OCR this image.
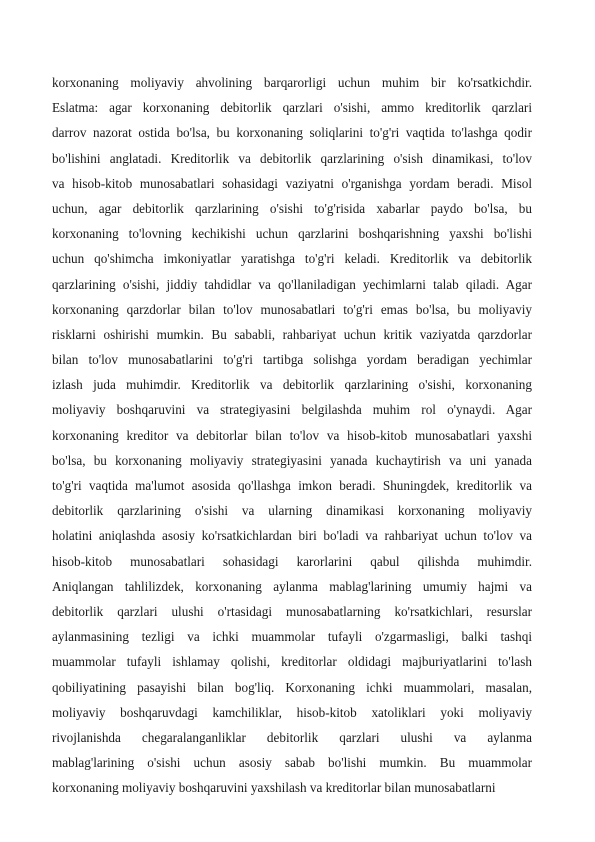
korxonaning moliyaviy ahvolining barqarorligi uchun muhim bir ko'rsatkichdir.
Eslatma: agar korxonaning debitorlik qarzlari o'sishi, ammo kreditorlik qarzlari
darrov nazorat ostida bo'lsa, bu korxonaning soliqlarini to'g'ri vaqtida to'lashga qodir
bo'lishini anglatadi. Kreditorlik va debitorlik qarzlarining o'sish dinamikasi, to'lov
va hisob-kitob munosabatlari sohasidagi vaziyatni o'rganishga yordam beradi. Misol
uchun, agar debitorlik qarzlarining o'sishi to'g'risida xabarlar paydo bo'lsa, bu
korxonaning to'lovning kechikishi uchun qarzlarini boshqarishning yaxshi bo'lishi
uchun qo'shimcha imkoniyatlar yaratishga to'g'ri keladi. Kreditorlik va debitorlik
qarzlarining o'sishi, jiddiy tahdidlar va qo'llaniladigan yechimlarni talab qiladi. Agar
korxonaning qarzdorlar bilan to'lov munosabatlari to'g'ri emas bo'lsa, bu moliyaviy
risklarni oshirishi mumkin. Bu sababli, rahbariyat uchun kritik vaziyatda qarzdorlar
bilan to'lov munosabatlarini to'g'ri tartibga solishga yordam beradigan yechimlar
izlash juda muhimdir. Kreditorlik va debitorlik qarzlarining o'sishi, korxonaning
moliyaviy boshqaruvini va strategiyasini belgilashda muhim rol o'ynaydi. Agar
korxonaning kreditor va debitorlar bilan to'lov va hisob-kitob munosabatlari yaxshi
bo'lsa, bu korxonaning moliyaviy strategiyasini yanada kuchaytirish va uni yanada
to'g'ri vaqtida ma'lumot asosida qo'llashga imkon beradi. Shuningdek, kreditorlik va
debitorlik qarzlarining o'sishi va ularning dinamikasi korxonaning moliyaviy
holatini aniqlashda asosiy ko'rsatkichlardan biri bo'ladi va rahbariyat uchun to'lov va
hisob-kitob munosabatlari sohasidagi karorlarini qabul qilishda muhimdir.
Aniqlangan tahlilizdek, korxonaning aylanma mablag'larining umumiy hajmi va
debitorlik qarzlari ulushi o'rtasidagi munosabatlarning ko'rsatkichlari, resurslar
aylanmasining tezligi va ichki muammolar tufayli o'zgarmasligi, balki tashqi
muammolar tufayli ishlamay qolishi, kreditorlar oldidagi majburiyatlarini to'lash
qobiliyatining pasayishi bilan bog'liq. Korxonaning ichki muammolari, masalan,
moliyaviy boshqaruvdagi kamchiliklar, hisob-kitob xatoliklari yoki moliyaviy
rivojlanishda chegaralanganliklar debitorlik qarzlari ulushi va aylanma
mablag'larining o'sishi uchun asosiy sabab bo'lishi mumkin. Bu muammolar
korxonaning moliyaviy boshqaruvini yaxshilash va kreditorlar bilan munosabatlarni
